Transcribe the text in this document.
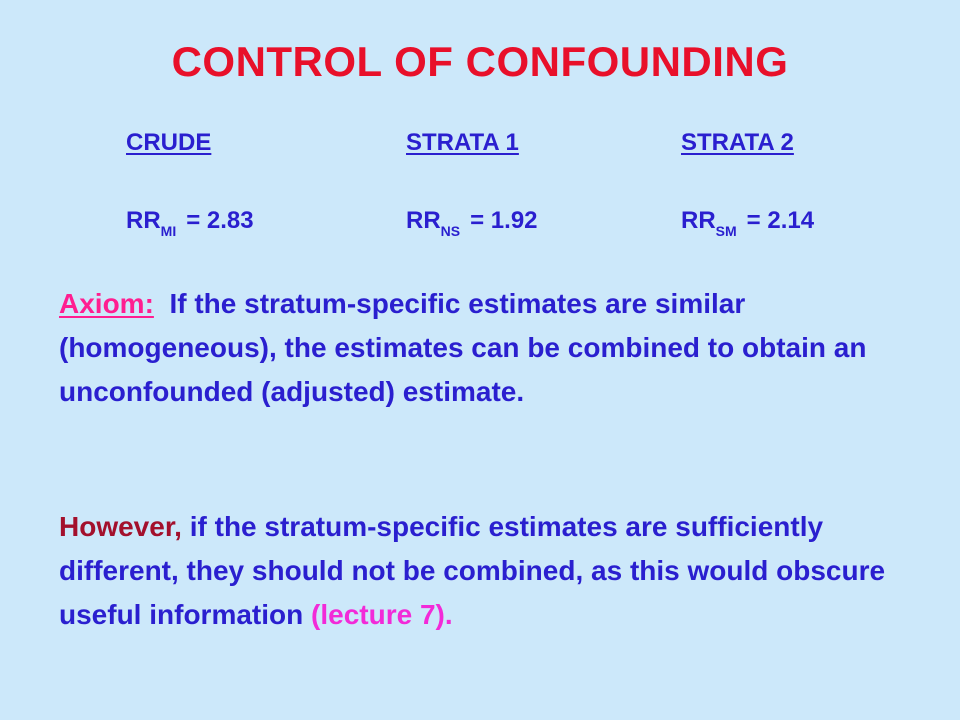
CONTROL OF CONFOUNDING
CRUDE	STRATA 1	STRATA 2
$RR_{MI} = 2.83$	$RR_{NS} = 1.92$	$RR_{SM} = 2.14$
Axiom: If the stratum-specific estimates are similar (homogeneous), the estimates can be combined to obtain an unconfounded (adjusted) estimate.
However, if the stratum-specific estimates are sufficiently different, they should not be combined, as this would obscure useful information (lecture 7).
